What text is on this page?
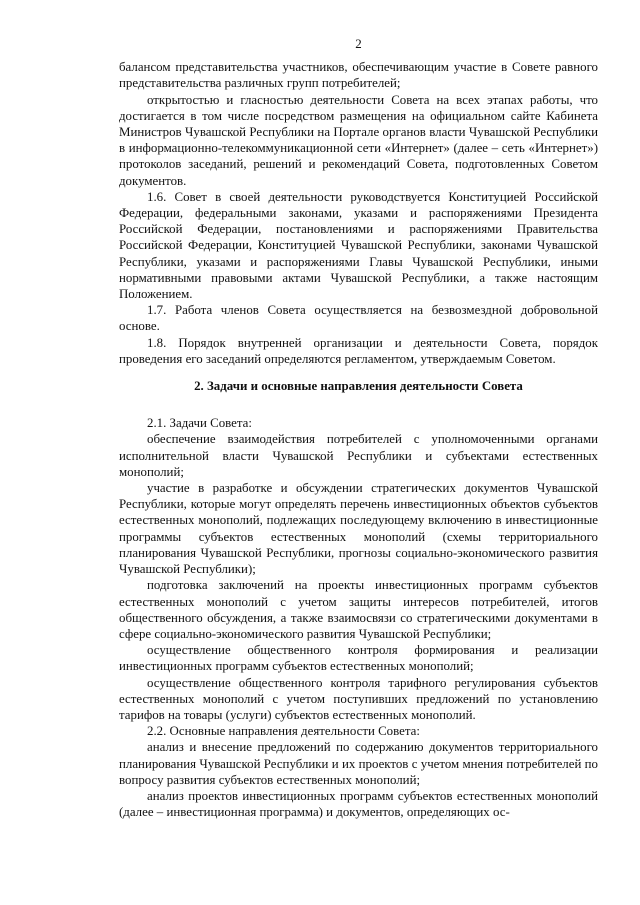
2

балансом представительства участников, обеспечивающим участие в Совете равного представительства различных групп потребителей;

открытостью и гласностью деятельности Совета на всех этапах работы, что достигается в том числе посредством размещения на официальном сайте Кабинета Министров Чувашской Республики на Портале органов власти Чувашской Республики в информационно-телекоммуникационной сети «Интернет» (далее – сеть «Интернет») протоколов заседаний, решений и рекомендаций Совета, подготовленных Советом документов.

1.6. Совет в своей деятельности руководствуется Конституцией Российской Федерации, федеральными законами, указами и распоряжениями Президента Российской Федерации, постановлениями и распоряжениями Правительства Российской Федерации, Конституцией Чувашской Республики, законами Чувашской Республики, указами и распоряжениями Главы Чувашской Республики, иными нормативными правовыми актами Чувашской Республики, а также настоящим Положением.

1.7. Работа членов Совета осуществляется на безвозмездной добровольной основе.

1.8. Порядок внутренней организации и деятельности Совета, порядок проведения его заседаний определяются регламентом, утверждаемым Советом.

2. Задачи и основные направления деятельности Совета

2.1. Задачи Совета:

обеспечение взаимодействия потребителей с уполномоченными органами исполнительной власти Чувашской Республики и субъектами естественных монополий;

участие в разработке и обсуждении стратегических документов Чувашской Республики, которые могут определять перечень инвестиционных объектов субъектов естественных монополий, подлежащих последующему включению в инвестиционные программы субъектов естественных монополий (схемы территориального планирования Чувашской Республики, прогнозы социально-экономического развития Чувашской Республики);

подготовка заключений на проекты инвестиционных программ субъектов естественных монополий с учетом защиты интересов потребителей, итогов общественного обсуждения, а также взаимосвязи со стратегическими документами в сфере социально-экономического развития Чувашской Республики;

осуществление общественного контроля формирования и реализации инвестиционных программ субъектов естественных монополий;

осуществление общественного контроля тарифного регулирования субъектов естественных монополий с учетом поступивших предложений по установлению тарифов на товары (услуги) субъектов естественных монополий.

2.2. Основные направления деятельности Совета:

анализ и внесение предложений по содержанию документов территориального планирования Чувашской Республики и их проектов с учетом мнения потребителей по вопросу развития субъектов естественных монополий;

анализ проектов инвестиционных программ субъектов естественных монополий (далее – инвестиционная программа) и документов, определяющих ос-
